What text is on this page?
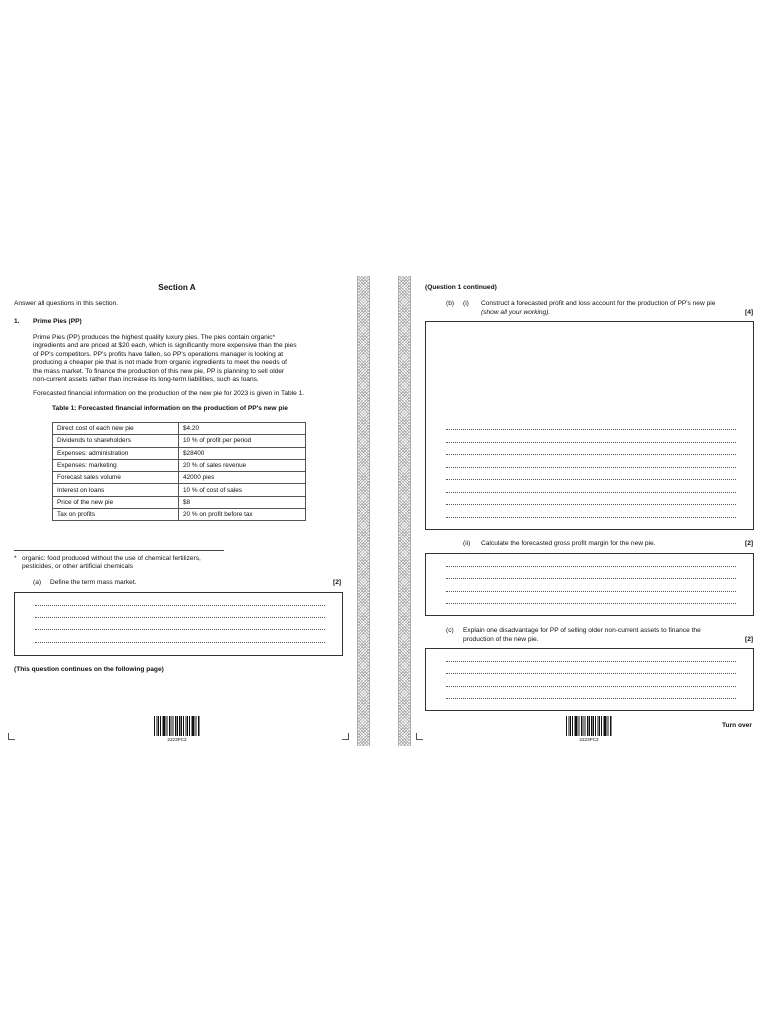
Section A
Answer all questions in this section.
1. Prime Pies (PP)
Prime Pies (PP) produces the highest quality luxury pies. The pies contain organic*
ingredients and are priced at $20 each, which is significantly more expensive than the pies
of PP's competitors. PP's profits have fallen, so PP's operations manager is looking at
producing a cheaper pie that is not made from organic ingredients to meet the needs of
the mass market. To finance the production of this new pie, PP is planning to sell older
non-current assets rather than increase its long-term liabilities, such as loans.
Forecasted financial information on the production of the new pie for 2023 is given in Table 1.
Table 1: Forecasted financial information on the production of PP's new pie
Direct cost of each new pie	$4.20
Dividends to shareholders	10 % of profit per period
Expenses: administration	$28400
Expenses: marketing	20 % of sales revenue
Forecast sales volume	42000 pies
Interest on loans	10 % of cost of sales
Price of the new pie	$8
Tax on profits	20 % on profit before tax
* organic: food produced without the use of chemical fertilizers,
pesticides, or other artificial chemicals
(a) Define the term mass market.	[2]
(This question continues on the following page)
2223PC2
(Question 1 continued)
(b) (i) Construct a forecasted profit and loss account for the production of PP's new pie
(show all your working).	[4]
(ii) Calculate the forecasted gross profit margin for the new pie.	[2]
(c) Explain one disadvantage for PP of selling older non-current assets to finance the
production of the new pie.	[2]
2223PC2
Turn over
